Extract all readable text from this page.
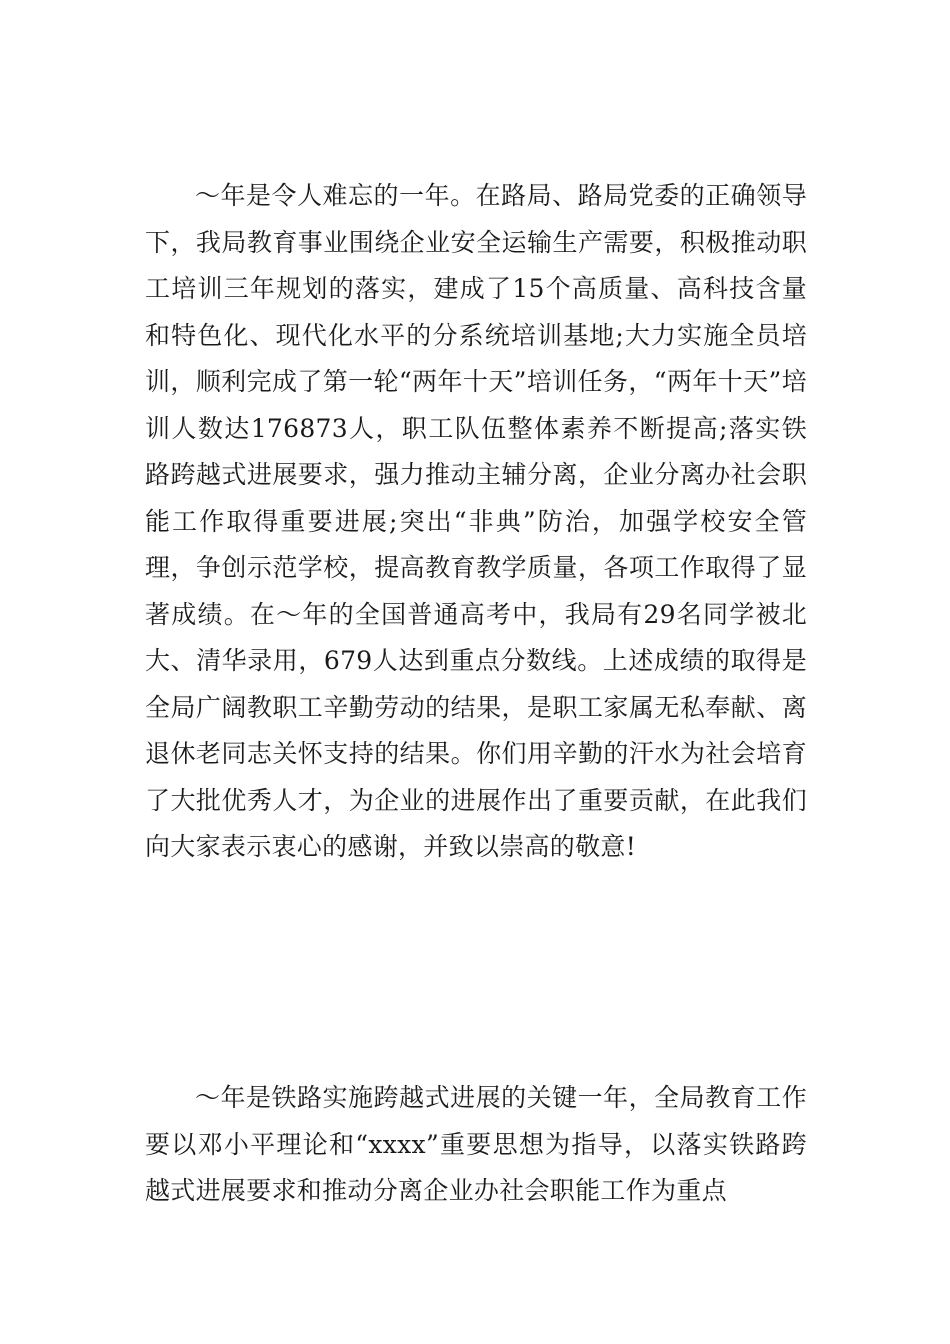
～年是令人难忘的一年。在路局、路局党委的正确领导下，我局教育事业围绕企业安全运输生产需要，积极推动职工培训三年规划的落实，建成了15个高质量、高科技含量和特色化、现代化水平的分系统培训基地;大力实施全员培训，顺利完成了第一轮“两年十天”培训任务，“两年十天”培训人数达176873人，职工队伍整体素养不断提高;落实铁路跨越式进展要求，强力推动主辅分离，企业分离办社会职能工作取得重要进展;突出“非典”防治，加强学校安全管理，争创示范学校，提高教育教学质量，各项工作取得了显著成绩。在～年的全国普通高考中，我局有29名同学被北大、清华录用，679人达到重点分数线。上述成绩的取得是全局广阔教职工辛勤劳动的结果，是职工家属无私奉献、离退休老同志关怀支持的结果。你们用辛勤的汗水为社会培育了大批优秀人才，为企业的进展作出了重要贡献，在此我们向大家表示衷心的感谢，并致以崇高的敬意!

～年是铁路实施跨越式进展的关键一年，全局教育工作要以邓小平理论和“xxxx”重要思想为指导，以落实铁路跨越式进展要求和推动分离企业办社会职能工作为重点
